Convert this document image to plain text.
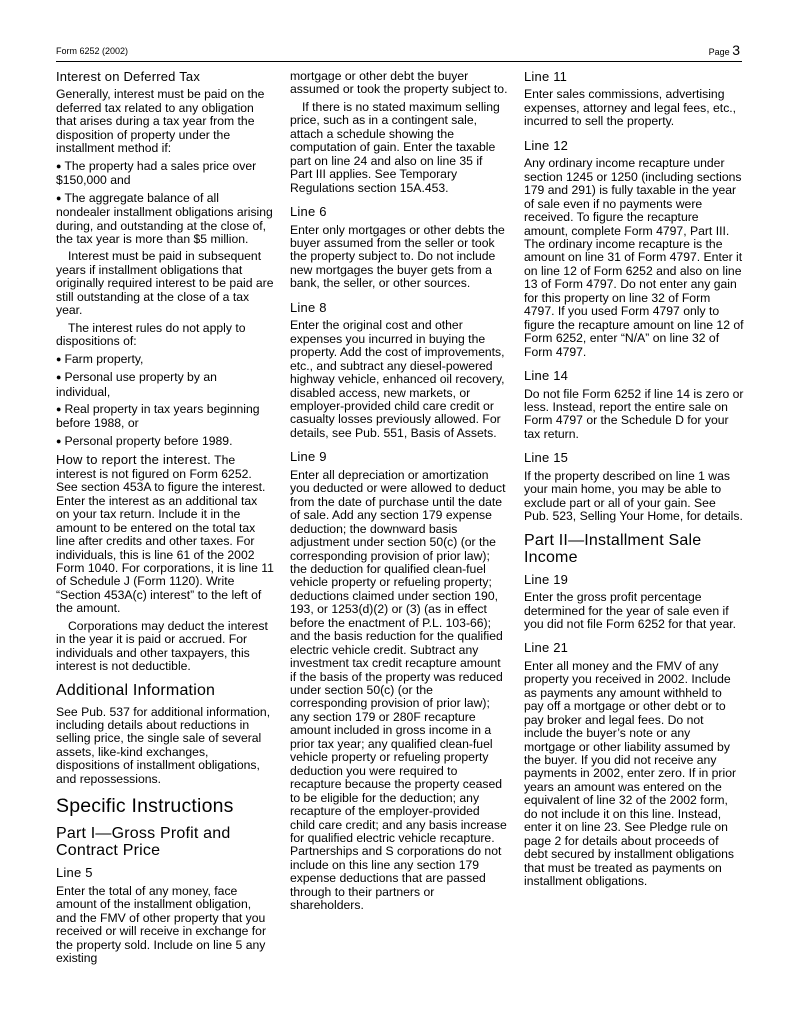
Form 6252 (2002)	Page 3
Interest on Deferred Tax

Generally, interest must be paid on the deferred tax related to any obligation that arises during a tax year from the disposition of property under the installment method if:

● The property had a sales price over $150,000 and

● The aggregate balance of all nondealer installment obligations arising during, and outstanding at the close of, the tax year is more than $5 million.

Interest must be paid in subsequent years if installment obligations that originally required interest to be paid are still outstanding at the close of a tax year.

The interest rules do not apply to dispositions of:

● Farm property,

● Personal use property by an individual,

● Real property in tax years beginning before 1988, or

● Personal property before 1989.

How to report the interest. The interest is not figured on Form 6252. See section 453A to figure the interest. Enter the interest as an additional tax on your tax return. Include it in the amount to be entered on the total tax line after credits and other taxes. For individuals, this is line 61 of the 2002 Form 1040. For corporations, it is line 11 of Schedule J (Form 1120). Write “Section 453A(c) interest” to the left of the amount.

Corporations may deduct the interest in the year it is paid or accrued. For individuals and other taxpayers, this interest is not deductible.

Additional Information

See Pub. 537 for additional information, including details about reductions in selling price, the single sale of several assets, like-kind exchanges, dispositions of installment obligations, and repossessions.

Specific Instructions
Part I—Gross Profit and Contract Price
Line 5

Enter the total of any money, face amount of the installment obligation, and the FMV of other property that you received or will receive in exchange for the property sold. Include on line 5 any existing

mortgage or other debt the buyer assumed or took the property subject to.

If there is no stated maximum selling price, such as in a contingent sale, attach a schedule showing the computation of gain. Enter the taxable part on line 24 and also on line 35 if Part III applies. See Temporary Regulations section 15A.453.

Line 6

Enter only mortgages or other debts the buyer assumed from the seller or took the property subject to. Do not include new mortgages the buyer gets from a bank, the seller, or other sources.

Line 8

Enter the original cost and other expenses you incurred in buying the property. Add the cost of improvements, etc., and subtract any diesel-powered highway vehicle, enhanced oil recovery, disabled access, new markets, or employer-provided child care credit or casualty losses previously allowed. For details, see Pub. 551, Basis of Assets.

Line 9

Enter all depreciation or amortization you deducted or were allowed to deduct from the date of purchase until the date of sale. Add any section 179 expense deduction; the downward basis adjustment under section 50(c) (or the corresponding provision of prior law); the deduction for qualified clean-fuel vehicle property or refueling property; deductions claimed under section 190, 193, or 1253(d)(2) or (3) (as in effect before the enactment of P.L. 103-66); and the basis reduction for the qualified electric vehicle credit. Subtract any investment tax credit recapture amount if the basis of the property was reduced under section 50(c) (or the corresponding provision of prior law); any section 179 or 280F recapture amount included in gross income in a prior tax year; any qualified clean-fuel vehicle property or refueling property deduction you were required to recapture because the property ceased to be eligible for the deduction; any recapture of the employer-provided child care credit; and any basis increase for qualified electric vehicle recapture. Partnerships and S corporations do not include on this line any section 179 expense deductions that are passed through to their partners or shareholders.

Line 11

Enter sales commissions, advertising expenses, attorney and legal fees, etc., incurred to sell the property.

Line 12

Any ordinary income recapture under section 1245 or 1250 (including sections 179 and 291) is fully taxable in the year of sale even if no payments were received. To figure the recapture amount, complete Form 4797, Part III. The ordinary income recapture is the amount on line 31 of Form 4797. Enter it on line 12 of Form 6252 and also on line 13 of Form 4797. Do not enter any gain for this property on line 32 of Form 4797. If you used Form 4797 only to figure the recapture amount on line 12 of Form 6252, enter “N/A” on line 32 of Form 4797.

Line 14

Do not file Form 6252 if line 14 is zero or less. Instead, report the entire sale on Form 4797 or the Schedule D for your tax return.

Line 15

If the property described on line 1 was your main home, you may be able to exclude part or all of your gain. See Pub. 523, Selling Your Home, for details.

Part II—Installment Sale Income
Line 19

Enter the gross profit percentage determined for the year of sale even if you did not file Form 6252 for that year.

Line 21

Enter all money and the FMV of any property you received in 2002. Include as payments any amount withheld to pay off a mortgage or other debt or to pay broker and legal fees. Do not include the buyer’s note or any mortgage or other liability assumed by the buyer. If you did not receive any payments in 2002, enter zero. If in prior years an amount was entered on the equivalent of line 32 of the 2002 form, do not include it on this line. Instead, enter it on line 23. See Pledge rule on page 2 for details about proceeds of debt secured by installment obligations that must be treated as payments on installment obligations.
